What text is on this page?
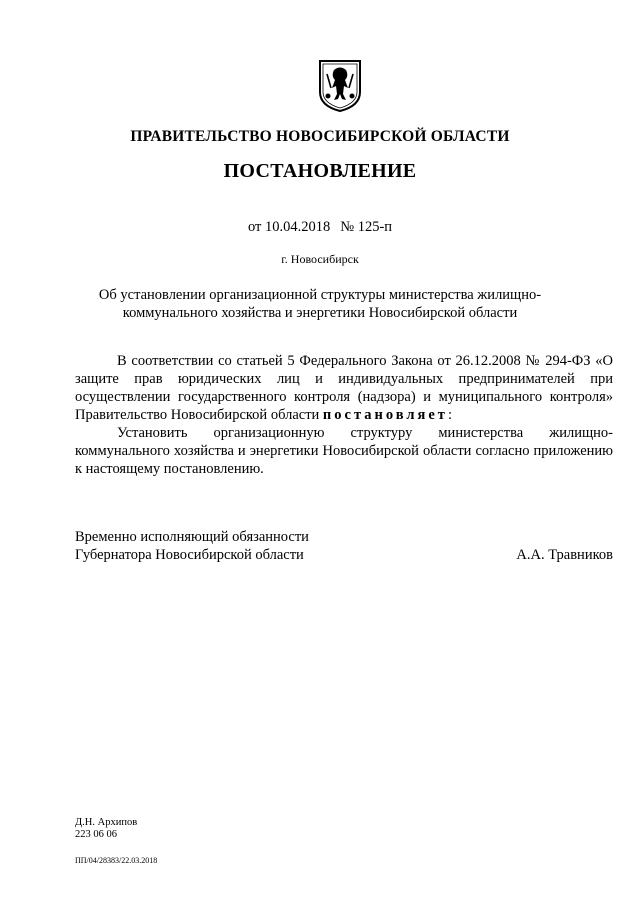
ПРАВИТЕЛЬСТВО НОВОСИБИРСКОЙ ОБЛАСТИ
ПОСТАНОВЛЕНИЕ
от 10.04.2018 № 125-п
г. Новосибирск
Об установлении организационной структуры министерства жилищно-коммунального хозяйства и энергетики Новосибирской области
В соответствии со статьей 5 Федерального Закона от 26.12.2008 № 294-ФЗ «О защите прав юридических лиц и индивидуальных предпринимателей при осуществлении государственного контроля (надзора) и муниципального контроля» Правительство Новосибирской области постановляет:
Установить организационную структуру министерства жилищно-коммунального хозяйства и энергетики Новосибирской области согласно приложению к настоящему постановлению.
Временно исполняющий обязанности
Губернатора Новосибирской области	А.А. Травников
Д.Н. Архипов
223 06 06
ПП/04/28383/22.03.2018
